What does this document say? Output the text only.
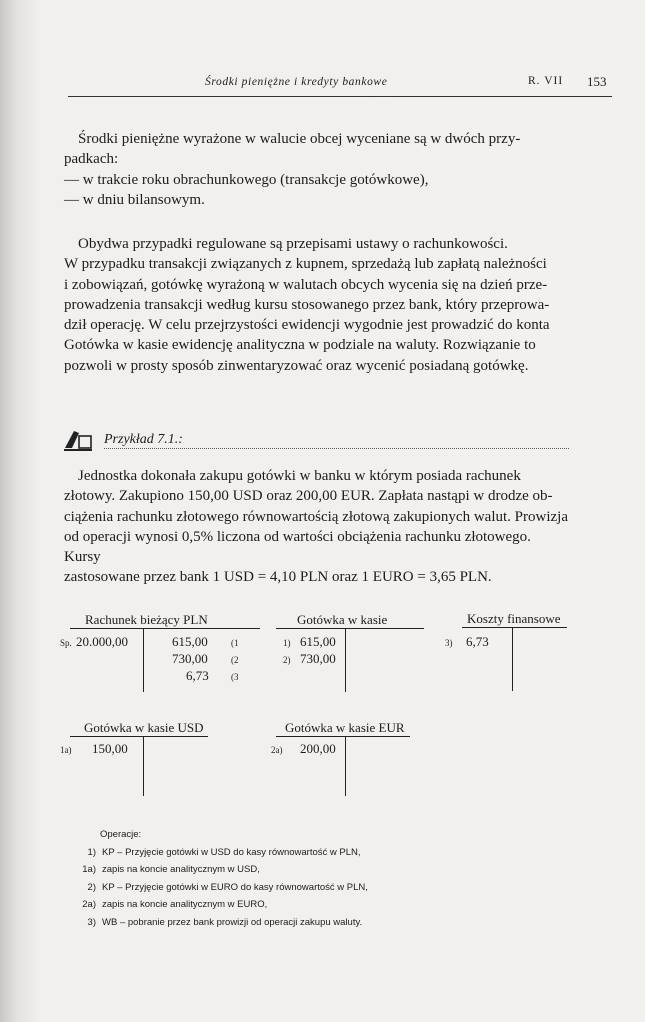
Środki pieniężne i kredyty bankowe	R. VII 153
Środki pieniężne wyrażone w walucie obcej wyceniane są w dwóch przy-
padkach:
— w trakcie roku obrachunkowego (transakcje gotówkowe),
— w dniu bilansowym.
Obydwa przypadki regulowane są przepisami ustawy o rachunkowości.
W przypadku transakcji związanych z kupnem, sprzedażą lub zapłatą należności
i zobowiązań, gotówkę wyrażoną w walutach obcych wycenia się na dzień prze-
prowadzenia transakcji według kursu stosowanego przez bank, który przeprowa-
dził operację. W celu przejrzystości ewidencji wygodnie jest prowadzić do konta
Gotówka w kasie ewidencję analityczna w podziale na waluty. Rozwiązanie to
pozwoli w prosty sposób zinwentaryzować oraz wycenić posiadaną gotówkę.
Przykład 7.1.:
Jednostka dokonała zakupu gotówki w banku w którym posiada rachunek
złotowy. Zakupiono 150,00 USD oraz 200,00 EUR. Zapłata nastąpi w drodze ob-
ciążenia rachunku złotowego równowartością złotową zakupionych walut. Prowizja
od operacji wynosi 0,5% liczona od wartości obciążenia rachunku złotowego. Kursy
zastosowane przez bank 1 USD = 4,10 PLN oraz 1 EURO = 3,65 PLN.
Rachunek bieżący PLN
Sp. 20.000,00	615,00
730,00
6,73
(1
(2
(3
Gotówka w kasie
1)
2)
615,00
730,00
Koszty finansowe
3) 6,73
Gotówka w kasie USD
1a) 150,00
Gotówka w kasie EUR
2a) 200,00
Operacje:
1) KP – Przyjęcie gotówki w USD do kasy równowartość w PLN,
1a) zapis na koncie analitycznym w USD,
2) KP – Przyjęcie gotówki w EURO do kasy równowartość w PLN,
2a) zapis na koncie analitycznym w EURO,
3) WB – pobranie przez bank prowizji od operacji zakupu waluty.
